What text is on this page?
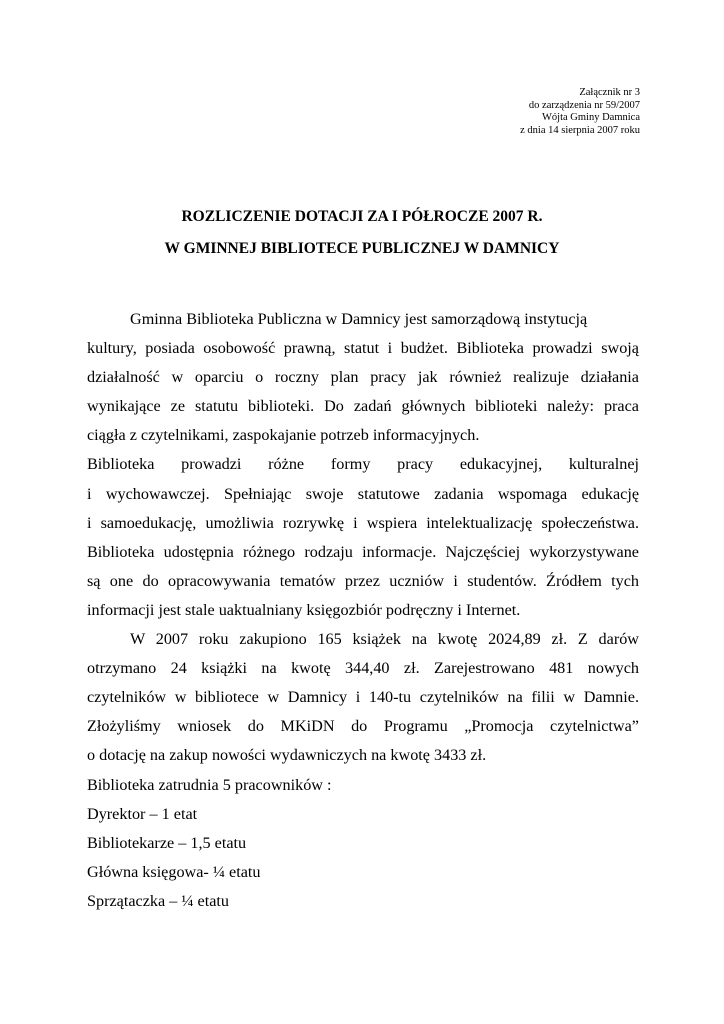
Załącznik nr 3
do zarządzenia nr 59/2007
Wójta Gminy Damnica
z dnia 14 sierpnia 2007 roku
ROZLICZENIE DOTACJI ZA I PÓŁROCZE 2007 R.
W GMINNEJ BIBLIOTECE PUBLICZNEJ W DAMNICY

Gminna Biblioteka Publiczna w Damnicy jest samorządową instytucją

kultury, posiada osobowość prawną, statut i budżet. Biblioteka prowadzi swoją

działalność w oparciu o roczny plan pracy jak również realizuje działania

wynikające ze statutu biblioteki. Do zadań głównych biblioteki należy: praca

ciągła z czytelnikami, zaspokajanie potrzeb informacyjnych.

Biblioteka prowadzi różne formy pracy edukacyjnej, kulturalnej

i wychowawczej. Spełniając swoje statutowe zadania wspomaga edukację

i samoedukację, umożliwia rozrywkę i wspiera intelektualizację społeczeństwa.

Biblioteka udostępnia różnego rodzaju informacje. Najczęściej wykorzystywane

są one do opracowywania tematów przez uczniów i studentów. Źródłem tych

informacji jest stale uaktualniany księgozbiór podręczny i Internet.

W 2007 roku zakupiono 165 książek na kwotę 2024,89 zł. Z darów

otrzymano 24 książki na kwotę 344,40 zł. Zarejestrowano 481 nowych

czytelników w bibliotece w Damnicy i 140-tu czytelników na filii w Damnie.

Złożyliśmy wniosek do MKiDN do Programu „Promocja czytelnictwa”

o dotację na zakup nowości wydawniczych na kwotę 3433 zł.

Biblioteka zatrudnia 5 pracowników :

Dyrektor – 1 etat

Bibliotekarze – 1,5 etatu

Główna księgowa- ¼ etatu

Sprzątaczka – ¼ etatu
